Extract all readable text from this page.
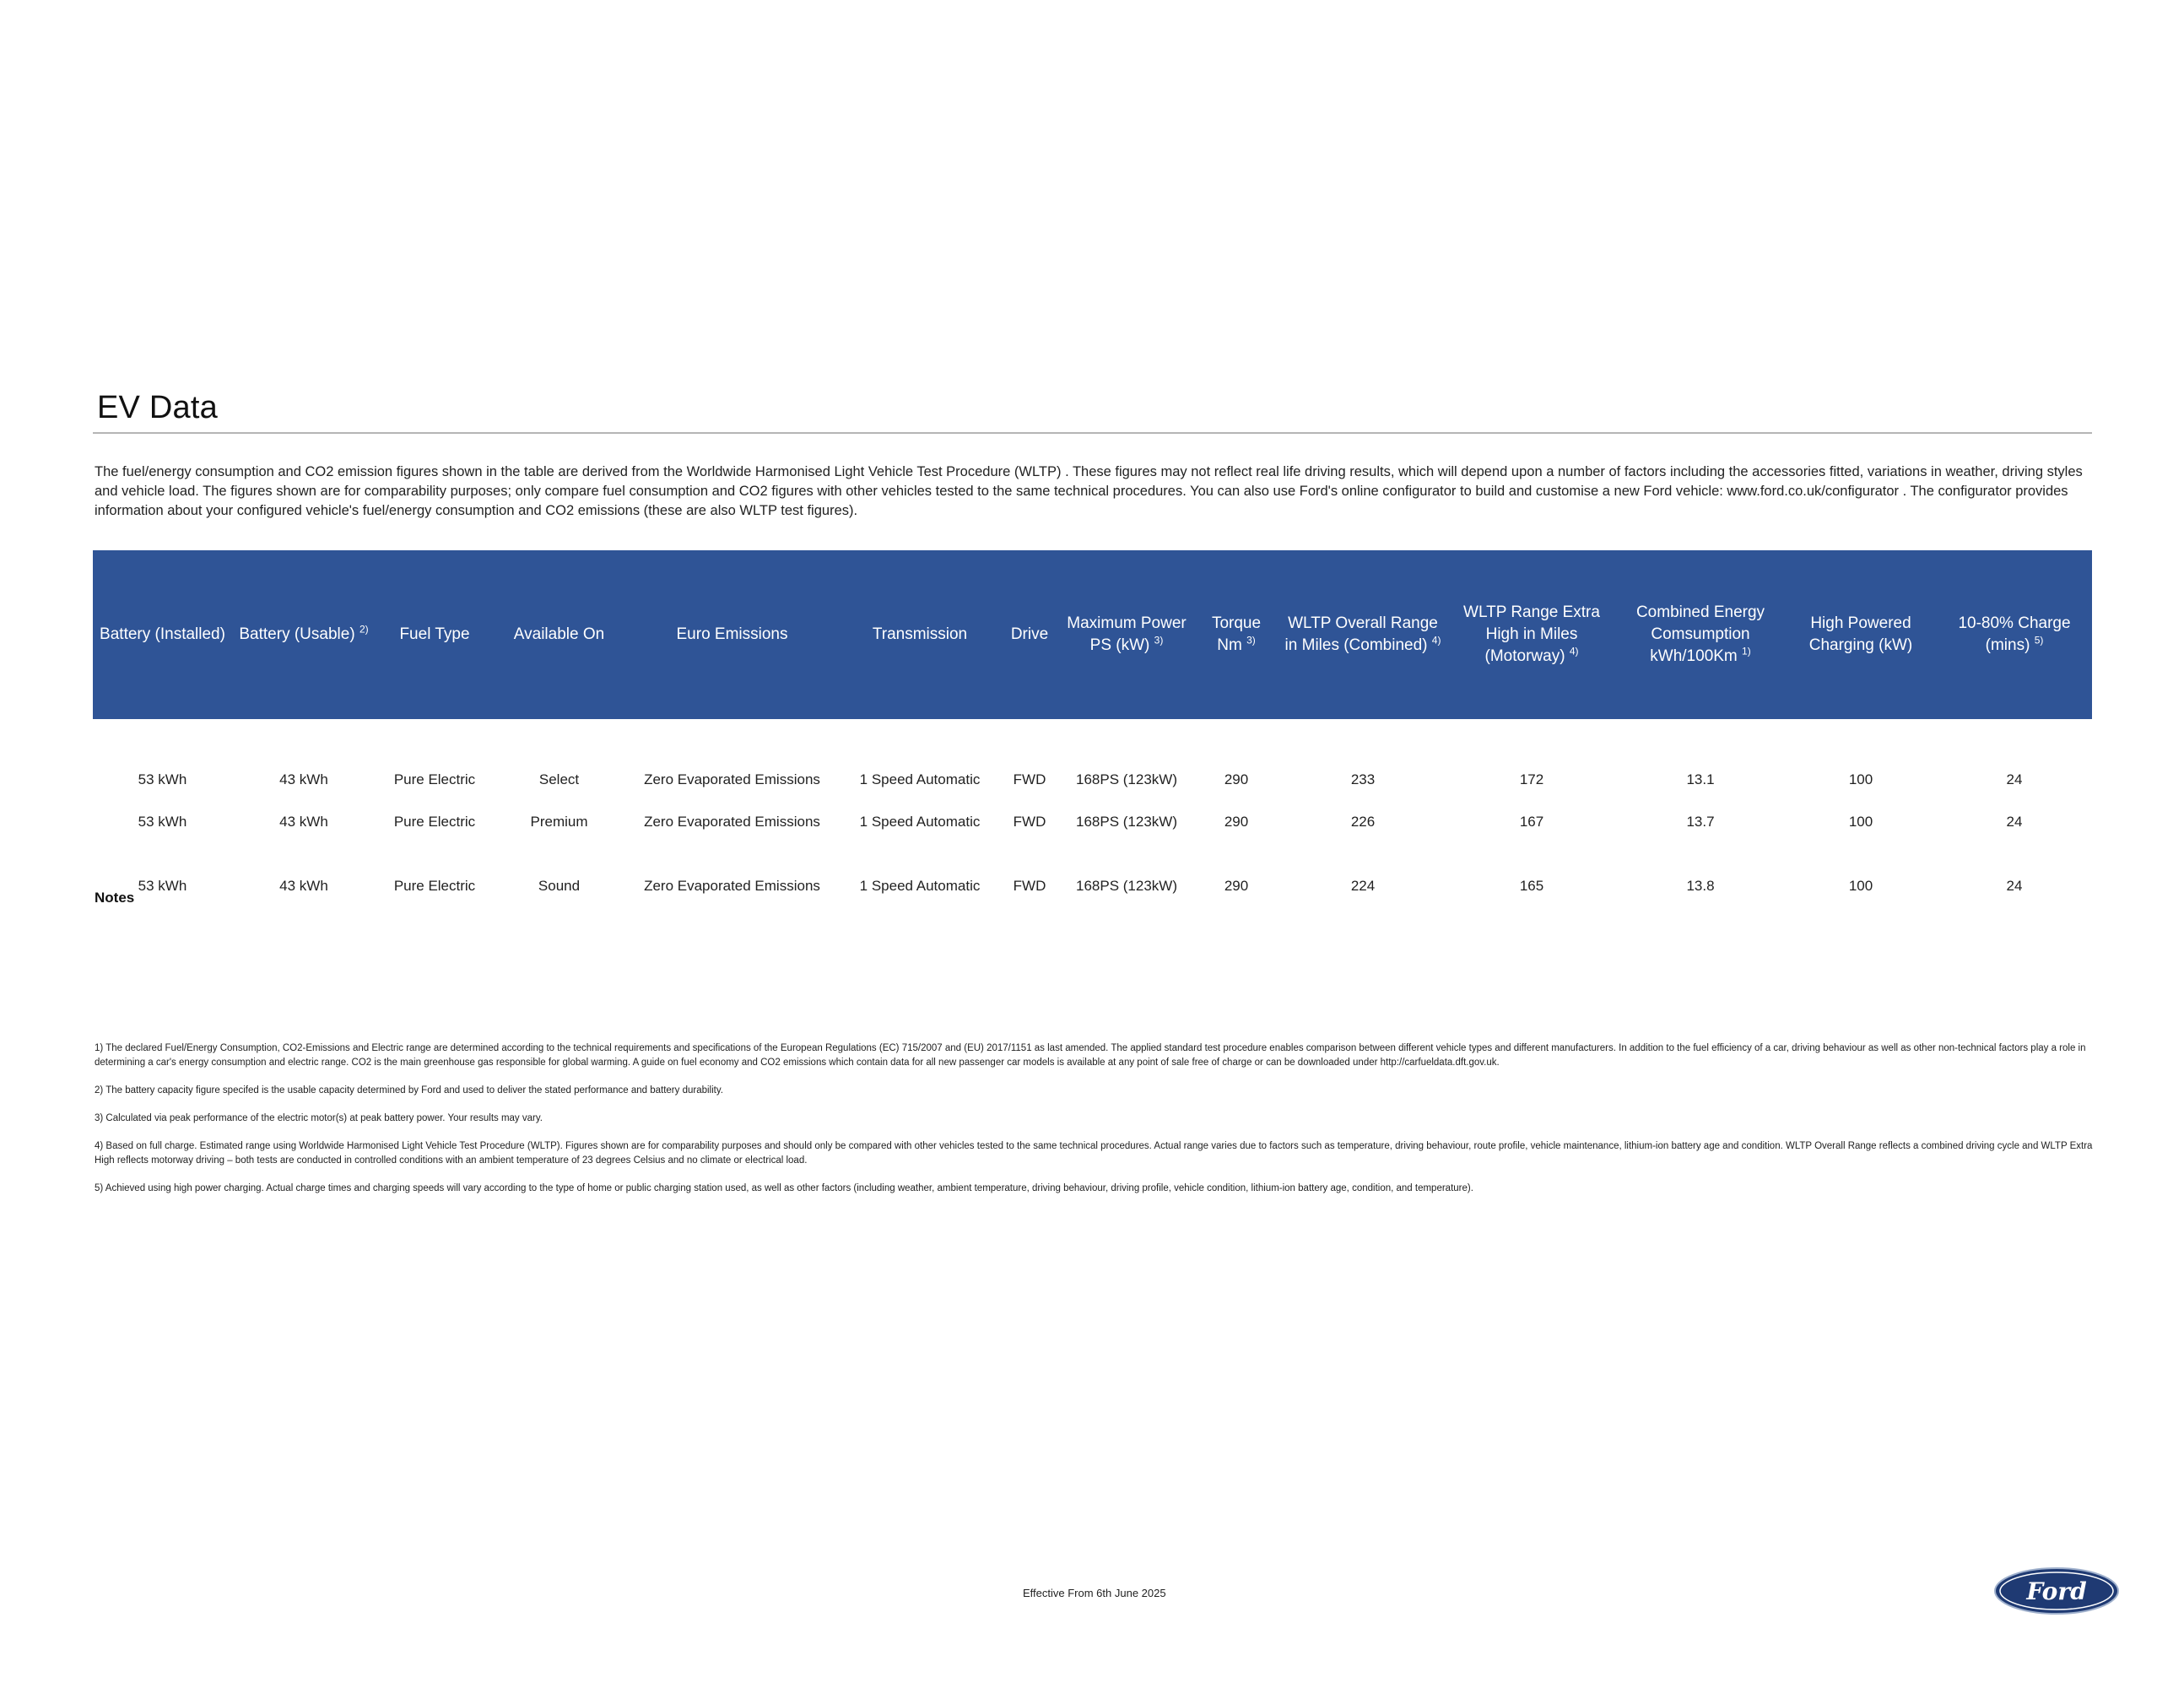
EV Data
The fuel/energy consumption and CO2 emission figures shown in the table are derived from the Worldwide Harmonised Light Vehicle Test Procedure (WLTP) . These figures may not reflect real life driving results, which will depend upon a number of factors including the accessories fitted, variations in weather, driving styles and vehicle load. The figures shown are for comparability purposes; only compare fuel consumption and CO2 figures with other vehicles tested to the same technical procedures. You can also use Ford's online configurator to build and customise a new Ford vehicle: www.ford.co.uk/configurator . The configurator provides information about your configured vehicle's fuel/energy consumption and CO2 emissions (these are also WLTP test figures).
Battery (Installed)	Battery (Usable) $^{2)}$	Fuel Type	Available On	Euro Emissions	Transmission	Drive	Maximum Power PS (kW) $^{3)}$	Torque Nm $^{3)}$	WLTP Overall Range in Miles (Combined) $^{4)}$	WLTP Range Extra High in Miles (Motorway) $^{4)}$	Combined Energy Comsumption kWh/100Km $^{1)}$	High Powered Charging (kW)	10-80% Charge (mins) $^{5)}$
53 kWh	43 kWh	Pure Electric	Select	Zero Evaporated Emissions	1 Speed Automatic	FWD	168PS (123kW)	290	233	172	13.1	100	24
53 kWh	43 kWh	Pure Electric	Premium	Zero Evaporated Emissions	1 Speed Automatic	FWD	168PS (123kW)	290	226	167	13.7	100	24
53 kWh	43 kWh	Pure Electric	Sound	Zero Evaporated Emissions	1 Speed Automatic	FWD	168PS (123kW)	290	224	165	13.8	100	24
Notes

1) The declared Fuel/Energy Consumption, CO2-Emissions and Electric range are determined according to the technical requirements and specifications of the European Regulations (EC) 715/2007 and (EU) 2017/1151 as last amended. The applied standard test procedure enables comparison between different vehicle types and different manufacturers. In addition to the fuel efficiency of a car, driving behaviour as well as other non-technical factors play a role in determining a car's energy consumption and electric range. CO2 is the main greenhouse gas responsible for global warming. A guide on fuel economy and CO2 emissions which contain data for all new passenger car models is available at any point of sale free of charge or can be downloaded under http://carfueldata.dft.gov.uk.

2) The battery capacity figure specifed is the usable capacity determined by Ford and used to deliver the stated performance and battery durability.

3) Calculated via peak performance of the electric motor(s) at peak battery power. Your results may vary.

4) Based on full charge. Estimated range using Worldwide Harmonised Light Vehicle Test Procedure (WLTP). Figures shown are for comparability purposes and should only be compared with other vehicles tested to the same technical procedures. Actual range varies due to factors such as temperature, driving behaviour, route profile, vehicle maintenance, lithium-ion battery age and condition. WLTP Overall Range reflects a combined driving cycle and WLTP Extra High reflects motorway driving – both tests are conducted in controlled conditions with an ambient temperature of 23 degrees Celsius and no climate or electrical load.

5) Achieved using high power charging. Actual charge times and charging speeds will vary according to the type of home or public charging station used, as well as other factors (including weather, ambient temperature, driving behaviour, driving profile, vehicle condition, lithium-ion battery age, condition, and temperature).

Effective From 6th June 2025	Ford
